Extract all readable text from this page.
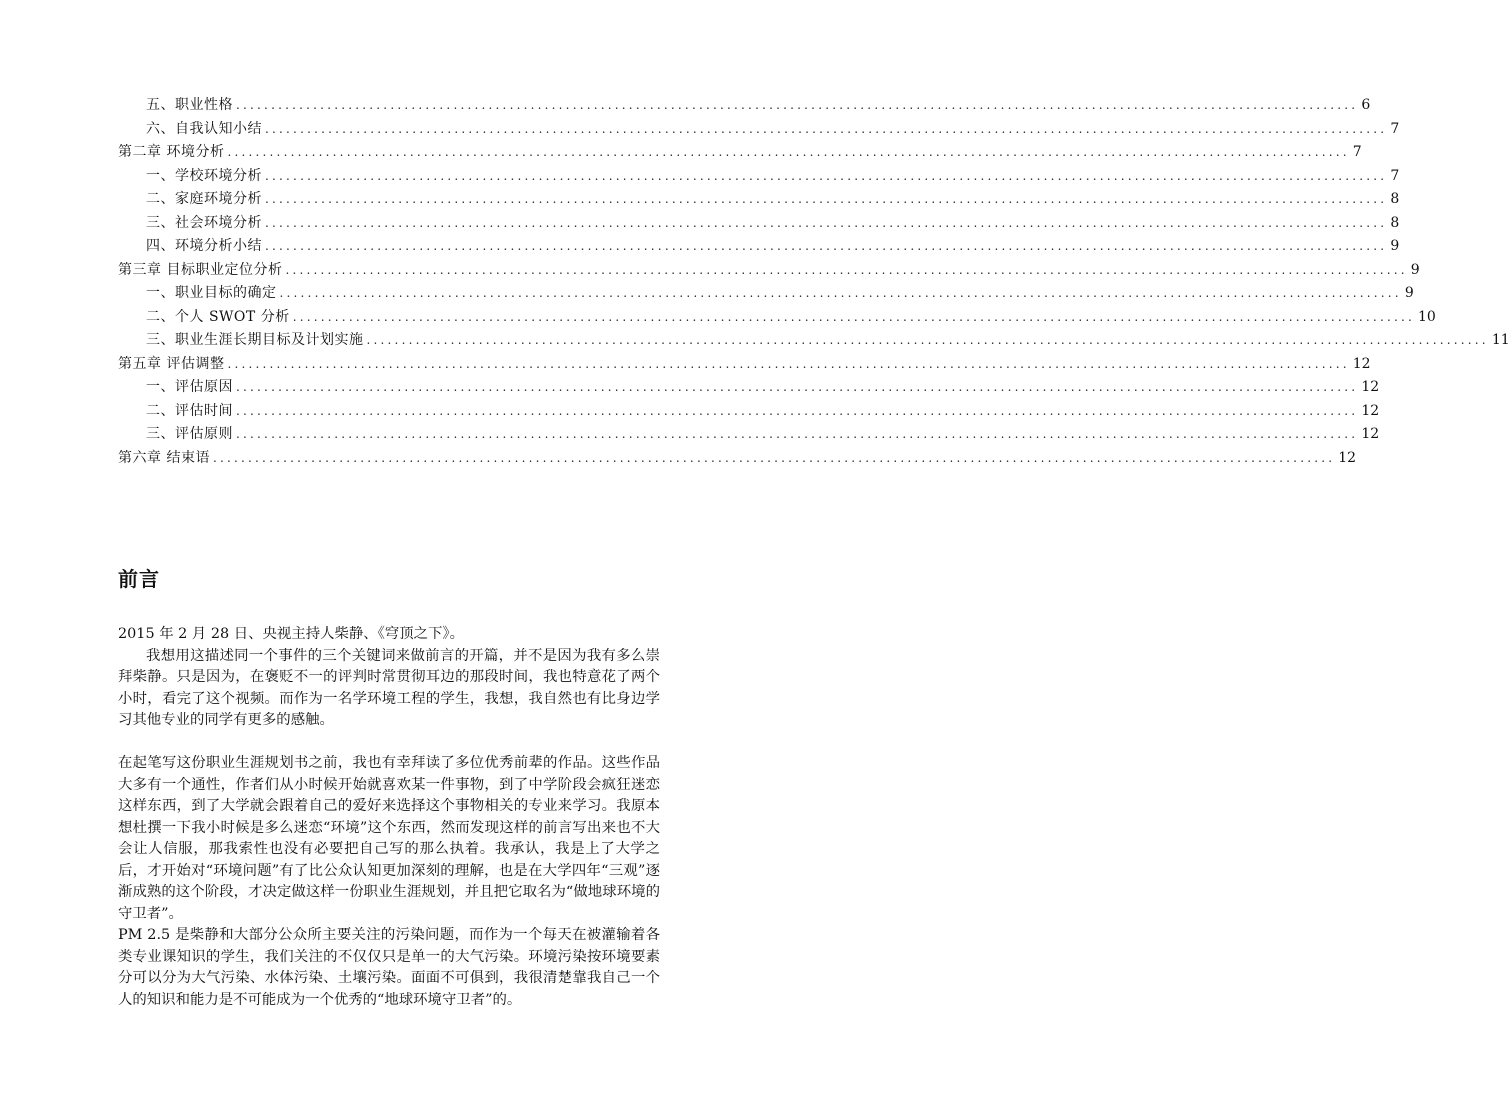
五、职业性格 ................................................................................................................................................................ 6
六、自我认知小结 ................................................................................................................................................................ 7
第二章 环境分析 ................................................................................................................................................................ 7
一、学校环境分析 ................................................................................................................................................................ 7
二、家庭环境分析 ................................................................................................................................................................ 8
三、社会环境分析 ................................................................................................................................................................ 8
四、环境分析小结 ................................................................................................................................................................ 9
第三章 目标职业定位分析 ................................................................................................................................................................ 9
一、职业目标的确定 ................................................................................................................................................................ 9
二、个人 SWOT 分析 ................................................................................................................................................................ 10
三、职业生涯长期目标及计划实施 ................................................................................................................................................................ 11
第五章 评估调整 ................................................................................................................................................................ 12
一、评估原因 ................................................................................................................................................................ 12
二、评估时间 ................................................................................................................................................................ 12
三、评估原则 ................................................................................................................................................................ 12
第六章 结束语 ................................................................................................................................................................ 12
前言

2015 年 2 月 28 日、央视主持人柴静、《穹顶之下》。

我想用这描述同一个事件的三个关键词来做前言的开篇，并不是因为我有多么崇拜柴静。只是因为，在褒贬不一的评判时常贯彻耳边的那段时间，我也特意花了两个小时，看完了这个视频。而作为一名学环境工程的学生，我想，我自然也有比身边学习其他专业的同学有更多的感触。

在起笔写这份职业生涯规划书之前，我也有幸拜读了多位优秀前辈的作品。这些作品大多有一个通性，作者们从小时候开始就喜欢某一件事物，到了中学阶段会疯狂迷恋这样东西，到了大学就会跟着自己的爱好来选择这个事物相关的专业来学习。我原本想杜撰一下我小时候是多么迷恋“环境”这个东西，然而发现这样的前言写出来也不大会让人信服，那我索性也没有必要把自己写的那么执着。我承认，我是上了大学之后，才开始对“环境问题”有了比公众认知更加深刻的理解，也是在大学四年“三观”逐渐成熟的这个阶段，才决定做这样一份职业生涯规划，并且把它取名为“做地球环境的守卫者”。

PM 2.5 是柴静和大部分公众所主要关注的污染问题，而作为一个每天在被灌输着各类专业课知识的学生，我们关注的不仅仅只是单一的大气污染。环境污染按环境要素分可以分为大气污染、水体污染、土壤污染。面面不可俱到，我很清楚靠我自己一个人的知识和能力是不可能成为一个优秀的“地球环境守卫者”的。
